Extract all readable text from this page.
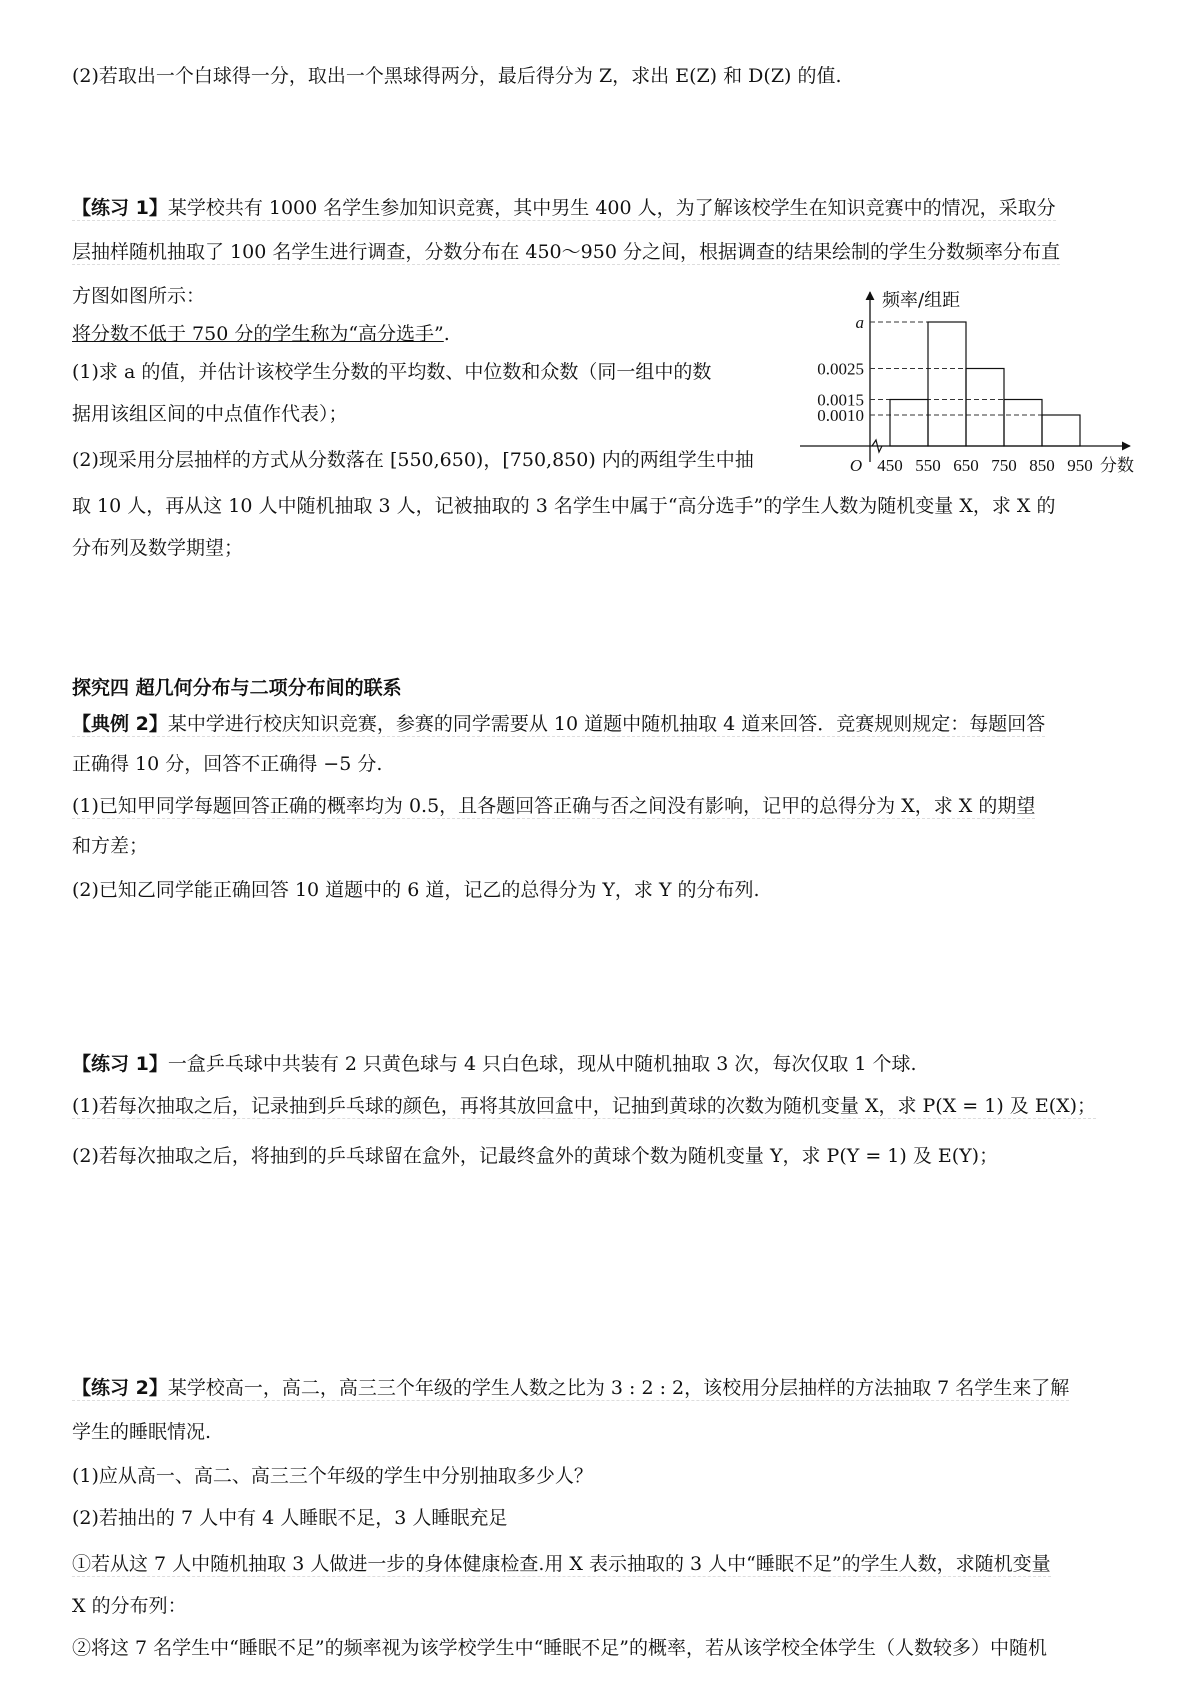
(2)若取出一个白球得一分，取出一个黑球得两分，最后得分为 Z，求出 E(Z) 和 D(Z) 的值.
【练习 1】某学校共有 1000 名学生参加知识竞赛，其中男生 400 人，为了解该校学生在知识竞赛中的情况，采取分
层抽样随机抽取了 100 名学生进行调查，分数分布在 450～950 分之间，根据调查的结果绘制的学生分数频率分布直
方图如图所示：
将分数不低于 750 分的学生称为“高分选手”.
(1)求 a 的值，并估计该校学生分数的平均数、中位数和众数（同一组中的数
据用该组区间的中点值作代表）；
(2)现采用分层抽样的方式从分数落在 [550,650)，[750,850) 内的两组学生中抽
取 10 人，再从这 10 人中随机抽取 3 人，记被抽取的 3 名学生中属于“高分选手”的学生人数为随机变量 X，求 X 的
分布列及数学期望；
探究四 超几何分布与二项分布间的联系
【典例 2】某中学进行校庆知识竞赛，参赛的同学需要从 10 道题中随机抽取 4 道来回答．竞赛规则规定：每题回答
正确得 10 分，回答不正确得 −5 分.
(1)已知甲同学每题回答正确的概率均为 0.5，且各题回答正确与否之间没有影响，记甲的总得分为 X，求 X 的期望
和方差；
(2)已知乙同学能正确回答 10 道题中的 6 道，记乙的总得分为 Y，求 Y 的分布列.
【练习 1】一盒乒乓球中共装有 2 只黄色球与 4 只白色球，现从中随机抽取 3 次，每次仅取 1 个球.
(1)若每次抽取之后，记录抽到乒乓球的颜色，再将其放回盒中，记抽到黄球的次数为随机变量 X，求 P(X = 1) 及 E(X)；
(2)若每次抽取之后，将抽到的乒乓球留在盒外，记最终盒外的黄球个数为随机变量 Y，求 P(Y = 1) 及 E(Y)；
【练习 2】某学校高一，高二，高三三个年级的学生人数之比为 3 : 2 : 2，该校用分层抽样的方法抽取 7 名学生来了解
学生的睡眠情况.
(1)应从高一、高二、高三三个年级的学生中分别抽取多少人？
(2)若抽出的 7 人中有 4 人睡眠不足，3 人睡眠充足
①若从这 7 人中随机抽取 3 人做进一步的身体健康检查.用 X 表示抽取的 3 人中“睡眠不足”的学生人数，求随机变量
X 的分布列：
②将这 7 名学生中“睡眠不足”的频率视为该学校学生中“睡眠不足”的概率，若从该学校全体学生（人数较多）中随机
a
0.0025
0.0015
0.0010
450 550 650 750 850 950 分数
O
频率/组距
